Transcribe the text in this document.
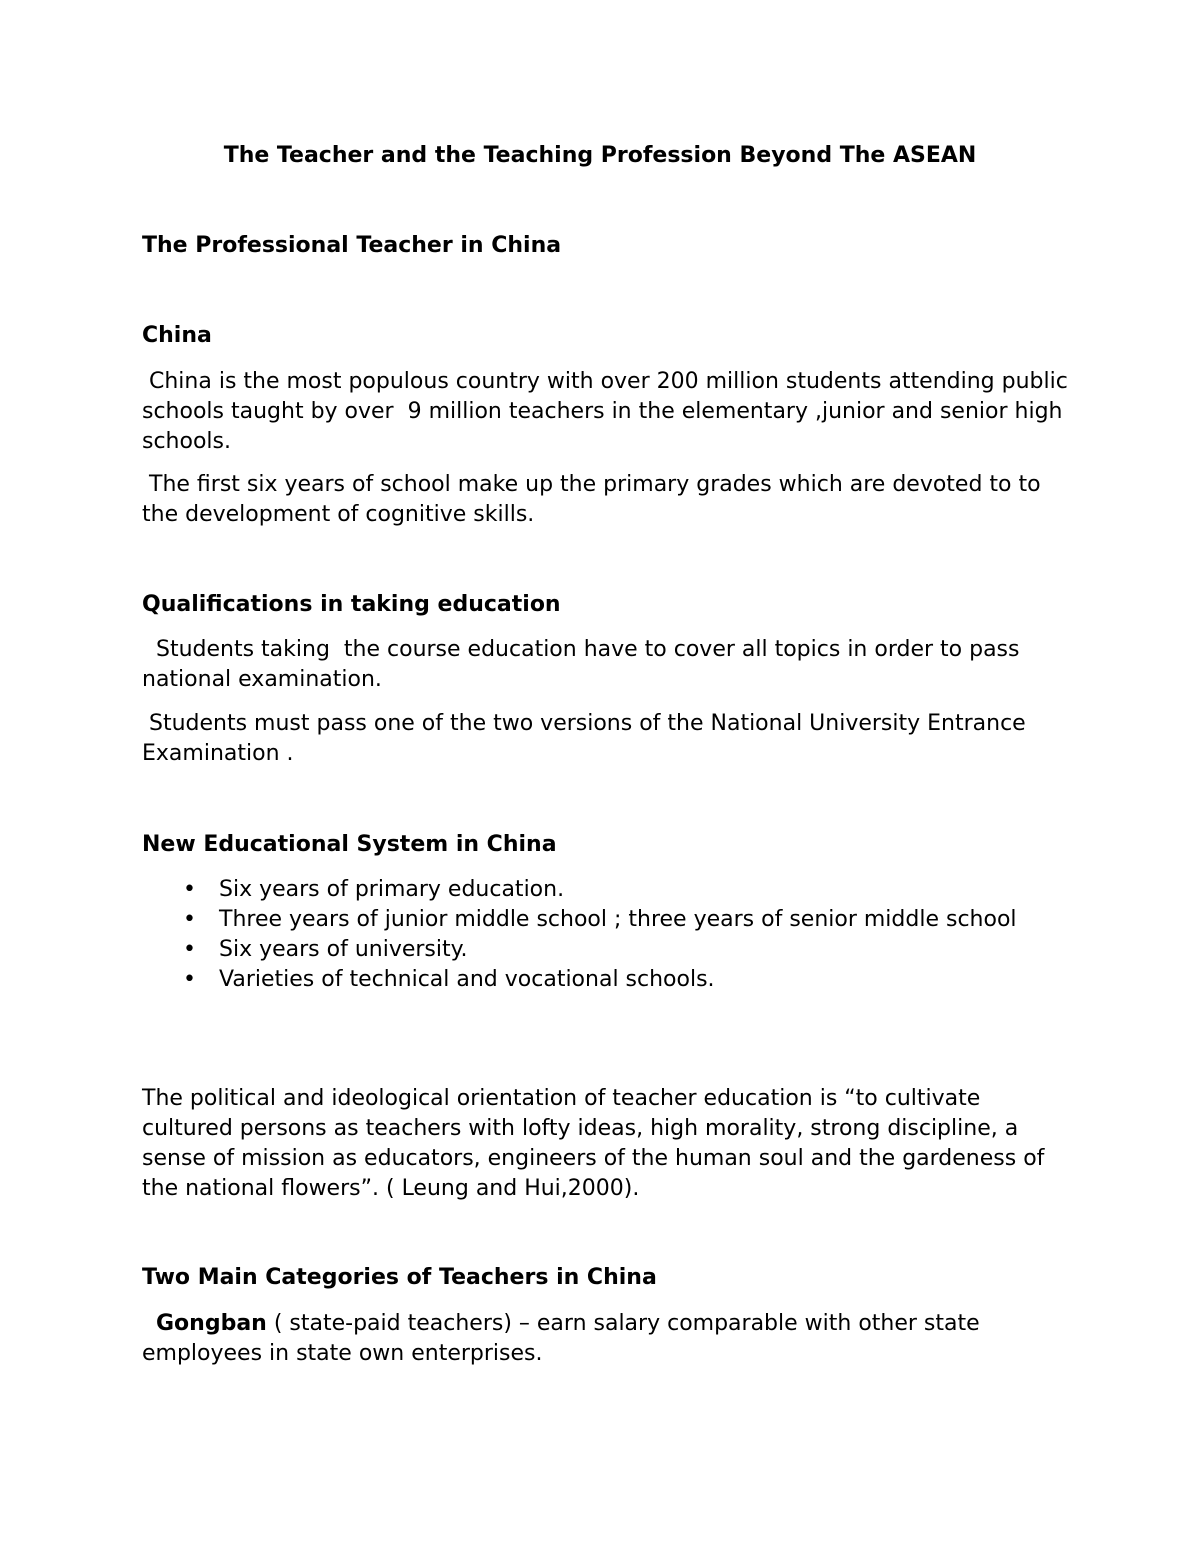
The Teacher and the Teaching Profession Beyond The ASEAN
The Professional Teacher in China
China
China is the most populous country with over 200 million students attending public schools taught by over  9 million teachers in the elementary ,junior and senior high schools.
The first six years of school make up the primary grades which are devoted to to the development of cognitive skills.
Qualifications in taking education
Students taking  the course education have to cover all topics in order to pass national examination.
Students must pass one of the two versions of the National University Entrance Examination .
New Educational System in China
• Six years of primary education.
• Three years of junior middle school ; three years of senior middle school
• Six years of university.
• Varieties of technical and vocational schools.
The political and ideological orientation of teacher education is “to cultivate cultured persons as teachers with lofty ideas, high morality, strong discipline, a sense of mission as educators, engineers of the human soul and the gardeness of the national flowers”. ( Leung and Hui,2000).
Two Main Categories of Teachers in China
Gongban ( state-paid teachers) – earn salary comparable with other state employees in state own enterprises.
